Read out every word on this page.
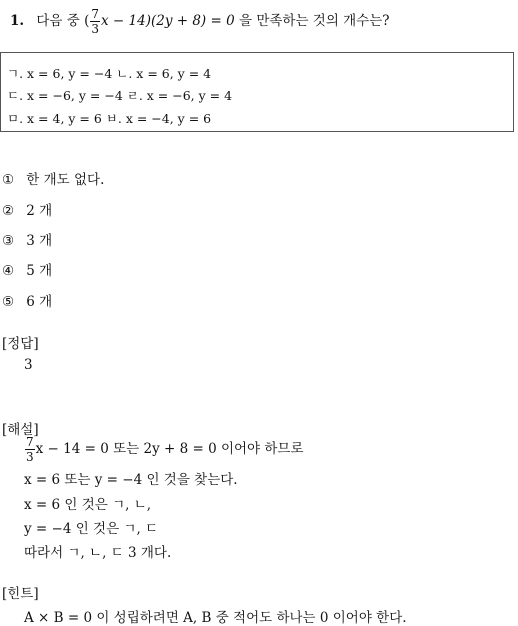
1. 다음 중 ( $\frac{7}{3}$ x − 14)(2y + 8) = 0 을 만족하는 것의 개수는?
ㄱ. x = 6, y = −4 ㄴ. x = 6, y = 4
ㄷ. x = −6, y = −4 ㄹ. x = −6, y = 4
ㅁ. x = 4, y = 6 ㅂ. x = −4, y = 6
① 한 개도 없다.
② 2 개
③ 3 개
④ 5 개
⑤ 6 개
[정답]
3
[해설]
$\frac{7}{3}$ x − 14 = 0 또는 2y + 8 = 0 이어야 하므로
x = 6 또는 y = −4 인 것을 찾는다.
x = 6 인 것은 ㄱ, ㄴ,
y = −4 인 것은 ㄱ, ㄷ
따라서 ㄱ, ㄴ, ㄷ 3 개다.
[힌트]
A × B = 0 이 성립하려면 A, B 중 적어도 하나는 0 이어야 한다.
